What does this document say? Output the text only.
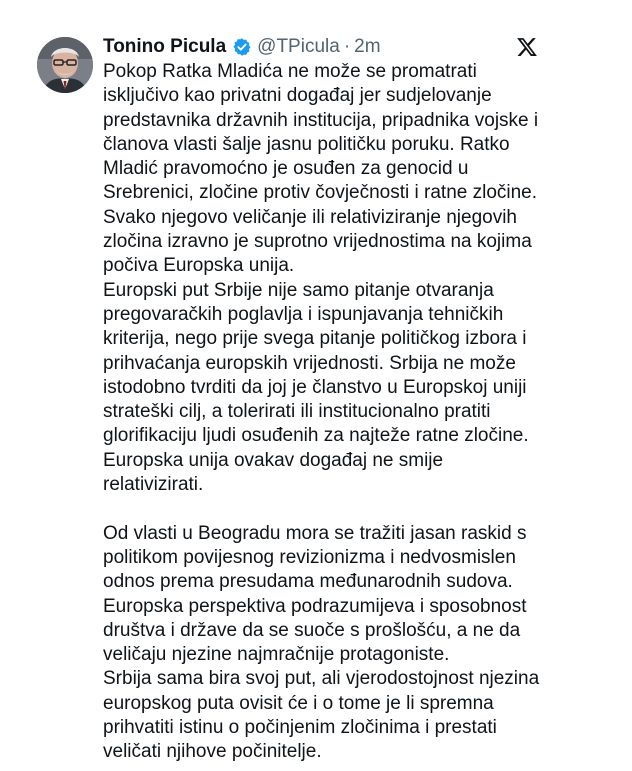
Tonino Picula @TPicula · 2m

Pokop Ratka Mladića ne može se promatrati isključivo kao privatni događaj jer sudjelovanje predstavnika državnih institucija, pripadnika vojske i članova vlasti šalje jasnu političku poruku. Ratko Mladić pravomoćno je osuđen za genocid u Srebrenici, zločine protiv čovječnosti i ratne zločine. Svako njegovo veličanje ili relativiziranje njegovih zločina izravno je suprotno vrijednostima na kojima počiva Europska unija.

Europski put Srbije nije samo pitanje otvaranja pregovaračkih poglavlja i ispunjavanja tehničkih kriterija, nego prije svega pitanje političkog izbora i prihvaćanja europskih vrijednosti. Srbija ne može istodobno tvrditi da joj je članstvo u Europskoj uniji strateški cilj, a tolerirati ili institucionalno pratiti glorifikaciju ljudi osuđenih za najteže ratne zločine. Europska unija ovakav događaj ne smije relativizirati.

Od vlasti u Beogradu mora se tražiti jasan raskid s politikom povijesnog revizionizma i nedvosmislen odnos prema presudama međunarodnih sudova. Europska perspektiva podrazumijeva i sposobnost društva i države da se suoče s prošlošću, a ne da veličaju njezine najmračnije protagoniste.

Srbija sama bira svoj put, ali vjerodostojnost njezina europskog puta ovisit će i o tome je li spremna prihvatiti istinu o počinjenim zločinima i prestati veličati njihove počinitelje.
